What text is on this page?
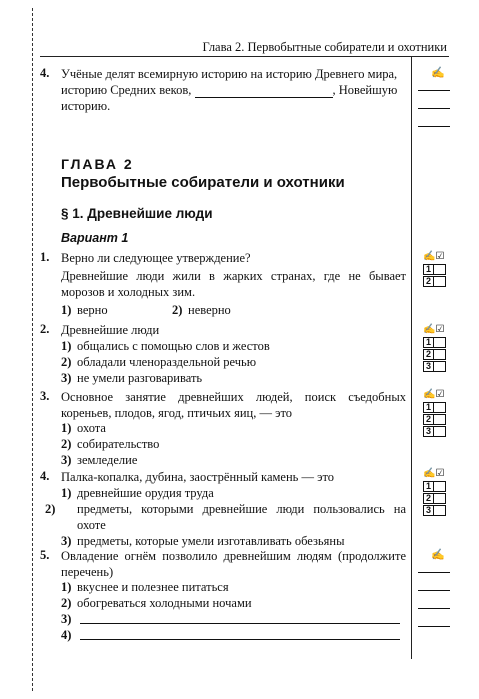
Глава 2. Первобытные собиратели и охотники
4. Учёные делят всемирную историю на историю Древнего мира,
историю Средних веков,	, Новейшую
историю.
✍
ГЛАВА 2
Первобытные собиратели и охотники
§ 1. Древнейшие люди
Вариант 1
1. Верно ли следующее утверждение?
Древнейшие люди жили в жарких странах, где не бывает морозов и холодных зим.
1) верно	2) неверно
✍☑
1
2
2. Древнейшие люди
1) общались с помощью слов и жестов
2) обладали членораздельной речью
3) не умели разговаривать
✍☑
1
2
3
3. Основное занятие древнейших людей, поиск съедобных кореньев, плодов, ягод, птичьих яиц, — это
1) охота
2) собирательство
3) земледелие
✍☑
1
2
3
4. Палка-копалка, дубина, заострённый камень — это
1) древнейшие орудия труда
2) предметы, которыми древнейшие люди пользовались на охоте
3) предметы, которые умели изготавливать обезьяны
✍☑
1
2
3
5. Овладение огнём позволило древнейшим людям (продолжите перечень)
1) вкуснее и полезнее питаться
2) обогреваться холодными ночами
3)
4)
✍
